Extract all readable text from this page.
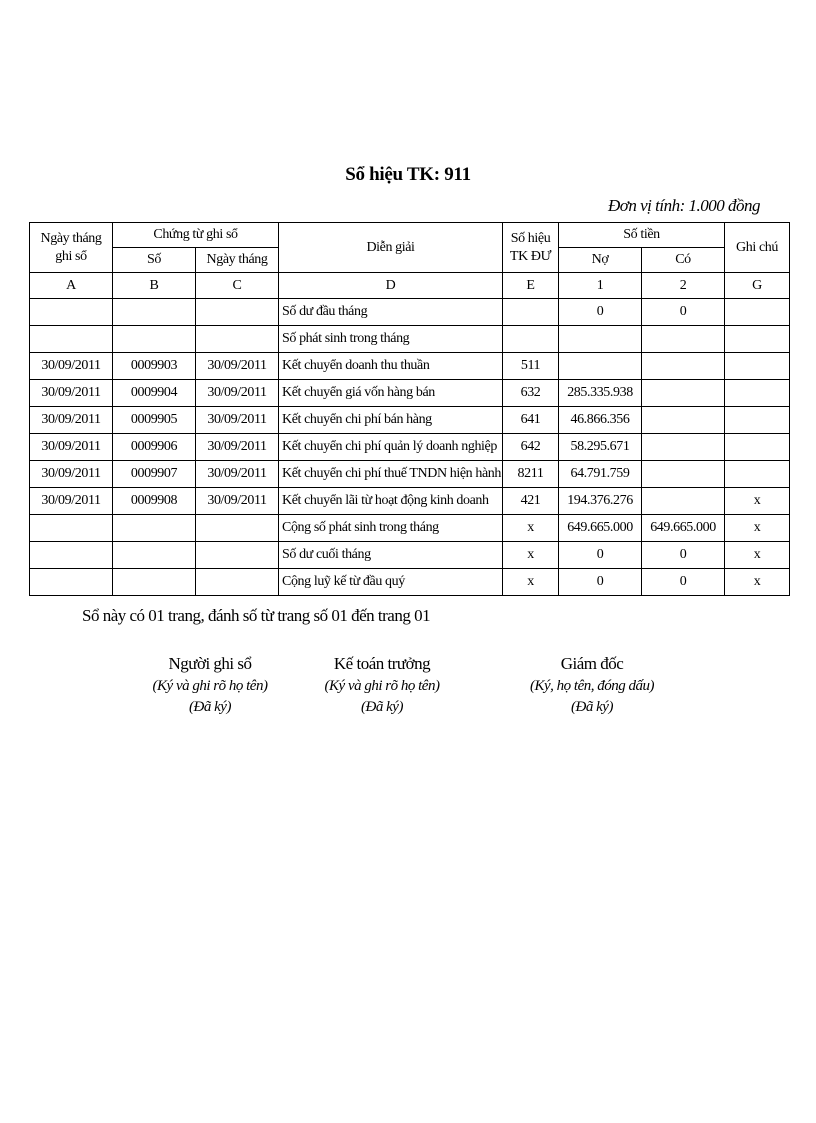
Sổ hiệu TK: 911
Đơn vị tính: 1.000 đồng
Ngày tháng ghi sổ	Chứng từ ghi sổ		Diễn giải	Số hiệu TK ĐƯ	Số tiền		Ghi chú
	Số	Ngày tháng			Nợ	Có	
A	B	C	D	E	1	2	G
			Số dư đầu tháng		0	0	
			Số phát sinh trong tháng				
30/09/2011	0009903	30/09/2011	Kết chuyển doanh thu thuần	511			
30/09/2011	0009904	30/09/2011	Kết chuyển giá vốn hàng bán	632	285.335.938		
30/09/2011	0009905	30/09/2011	Kết chuyển chi phí bán hàng	641	46.866.356		
30/09/2011	0009906	30/09/2011	Kết chuyển chi phí quản lý doanh nghiệp	642	58.295.671		
30/09/2011	0009907	30/09/2011	Kết chuyển chi phí thuế TNDN hiện hành	8211	64.791.759		
30/09/2011	0009908	30/09/2011	Kết chuyển lãi từ hoạt động kinh doanh	421	194.376.276		x
			Cộng số phát sinh trong tháng	x	649.665.000	649.665.000	x
			Số dư cuối tháng	x	0	0	x
			Cộng luỹ kế từ đầu quý	x	0	0	x
Sổ này có 01 trang, đánh số từ trang số 01 đến trang 01
Người ghi sổ
(Ký và ghi rõ họ tên)
(Đã ký)
Kế toán trưởng
(Ký và ghi rõ họ tên)
(Đã ký)
Giám đốc
(Ký, họ tên, đóng dấu)
(Đã ký)
